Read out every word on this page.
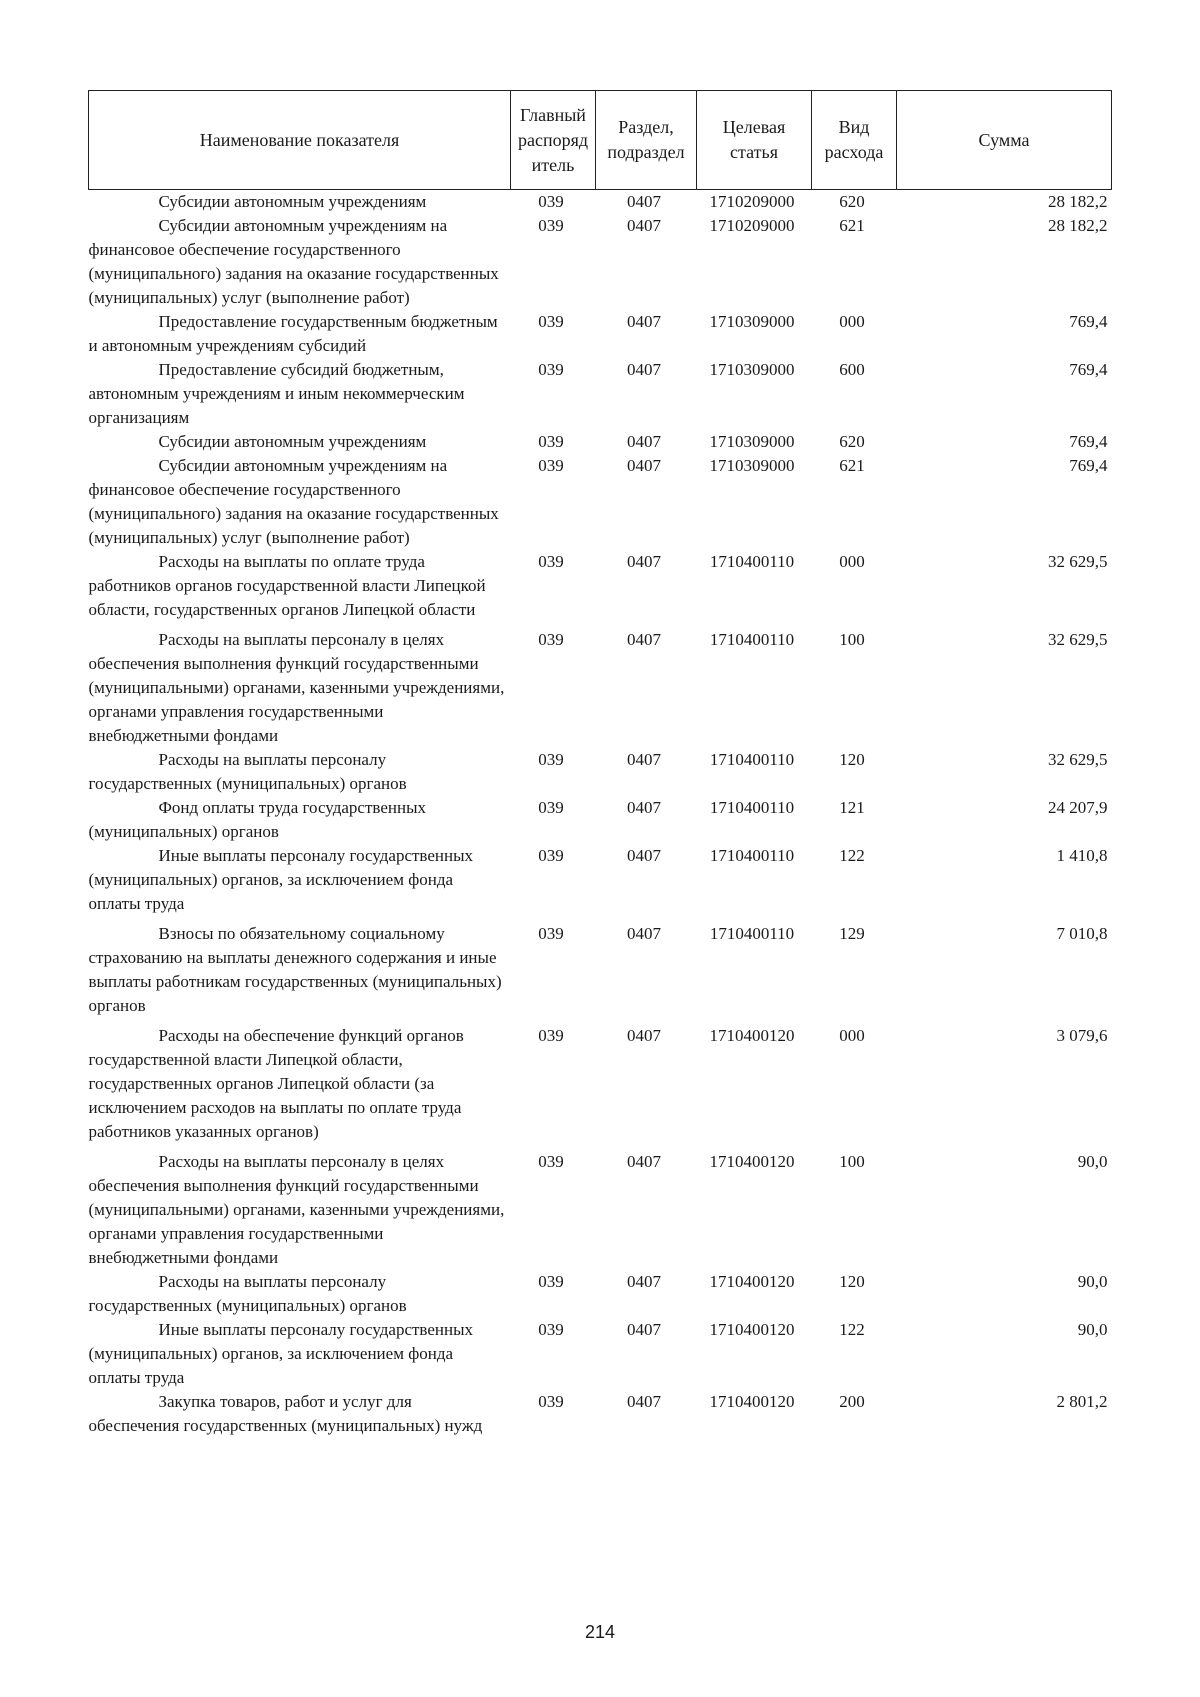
Наименование показателя	Главный распоряд итель	Раздел, подраздел	Целевая статья	Вид расхода	Сумма

Субсидии автономным учреждениям	039	0407	1710209000	620	28 182,2

Субсидии автономным учреждениям на финансовое обеспечение государственного (муниципального) задания на оказание государственных (муниципальных) услуг (выполнение работ)	039	0407	1710209000	621	28 182,2

Предоставление государственным бюджетным и автономным учреждениям субсидий	039	0407	1710309000	000	769,4

Предоставление субсидий бюджетным, автономным учреждениям и иным некоммерческим организациям	039	0407	1710309000	600	769,4

Субсидии автономным учреждениям	039	0407	1710309000	620	769,4

Субсидии автономным учреждениям на финансовое обеспечение государственного (муниципального) задания на оказание государственных (муниципальных) услуг (выполнение работ)	039	0407	1710309000	621	769,4

Расходы на выплаты по оплате труда работников органов государственной власти Липецкой области, государственных органов Липецкой области	039	0407	1710400110	000	32 629,5

Расходы на выплаты персоналу в целях обеспечения выполнения функций государственными (муниципальными) органами, казенными учреждениями, органами управления государственными внебюджетными фондами	039	0407	1710400110	100	32 629,5

Расходы на выплаты персоналу государственных (муниципальных) органов	039	0407	1710400110	120	32 629,5

Фонд оплаты труда государственных (муниципальных) органов	039	0407	1710400110	121	24 207,9

Иные выплаты персоналу государственных (муниципальных) органов, за исключением фонда оплаты труда	039	0407	1710400110	122	1 410,8

Взносы по обязательному социальному страхованию на выплаты денежного содержания и иные выплаты работникам государственных (муниципальных) органов	039	0407	1710400110	129	7 010,8

Расходы на обеспечение функций органов государственной власти Липецкой области, государственных органов Липецкой области (за исключением расходов на выплаты по оплате труда работников указанных органов)	039	0407	1710400120	000	3 079,6

Расходы на выплаты персоналу в целях обеспечения выполнения функций государственными (муниципальными) органами, казенными учреждениями, органами управления государственными внебюджетными фондами	039	0407	1710400120	100	90,0

Расходы на выплаты персоналу государственных (муниципальных) органов	039	0407	1710400120	120	90,0

Иные выплаты персоналу государственных (муниципальных) органов, за исключением фонда оплаты труда	039	0407	1710400120	122	90,0

Закупка товаров, работ и услуг для обеспечения государственных (муниципальных) нужд	039	0407	1710400120	200	2 801,2
214
